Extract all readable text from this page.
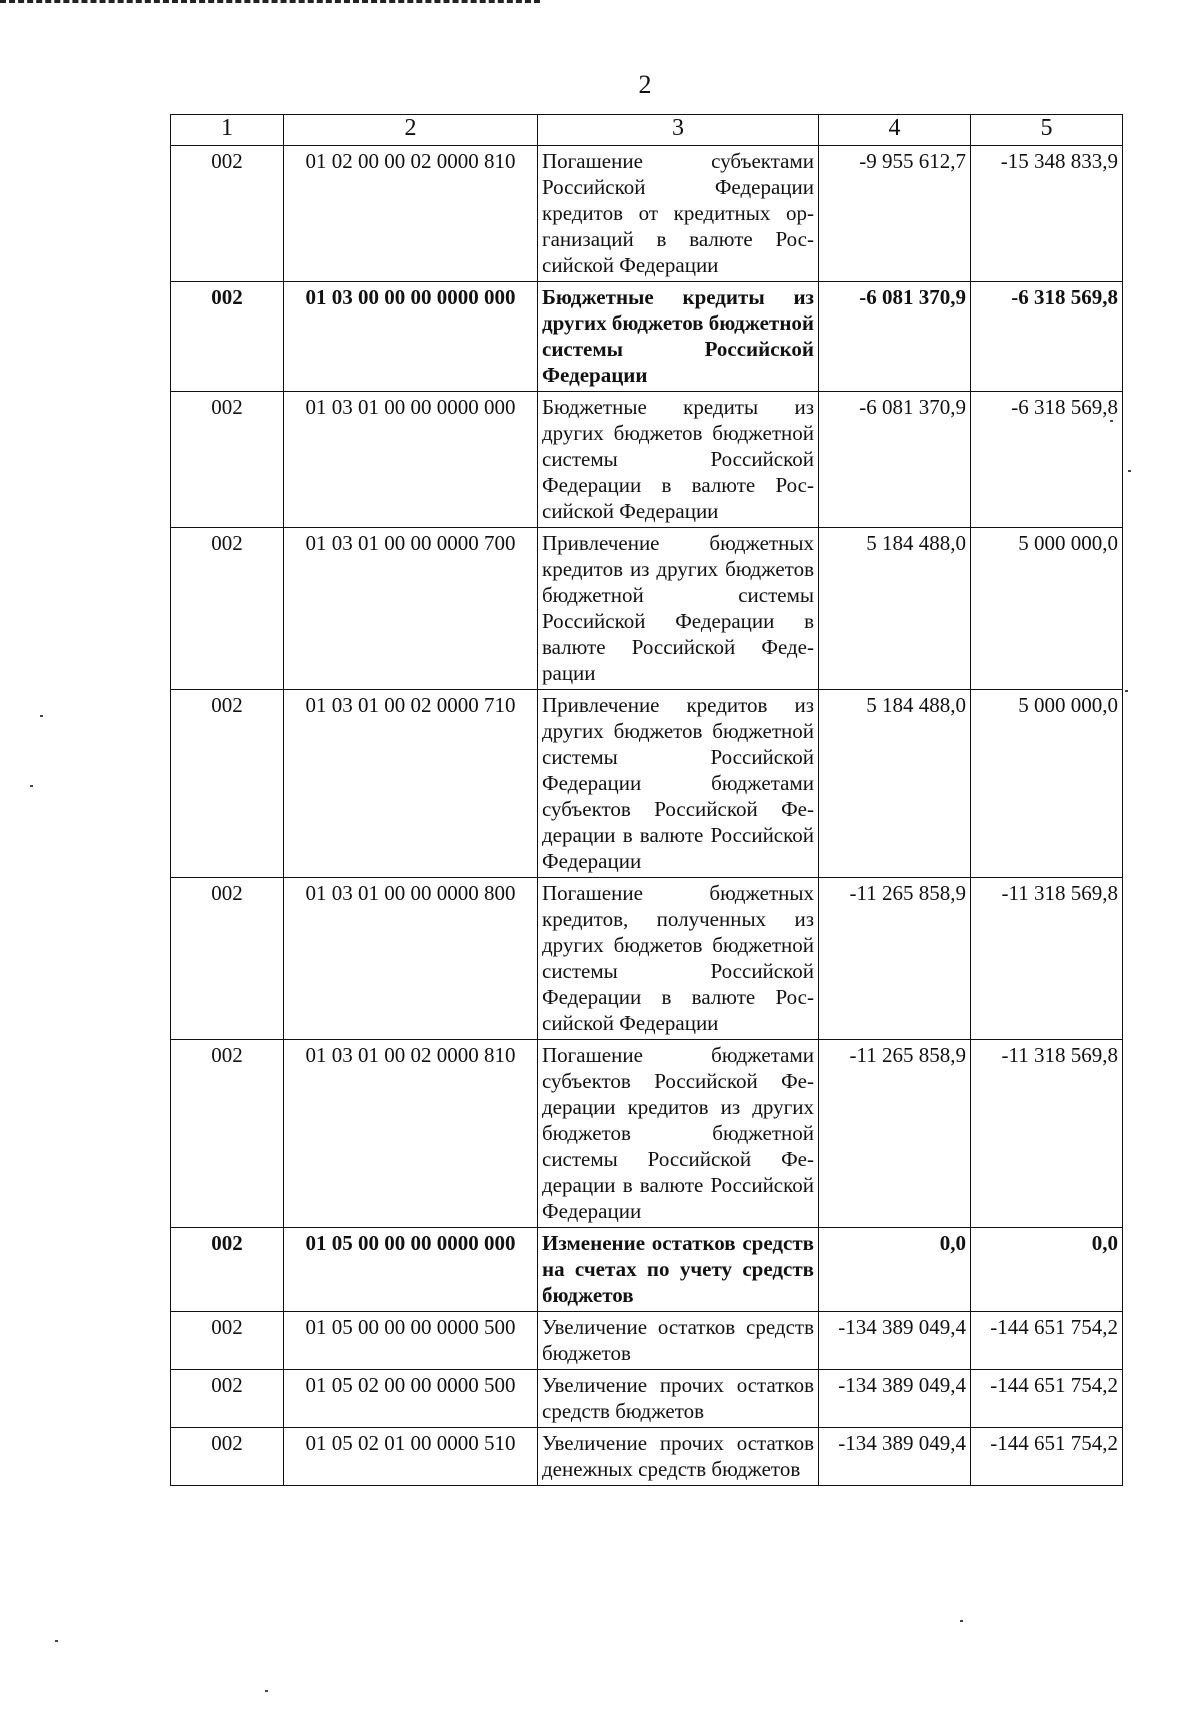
2
1	2	3	4	5
002	01 02 00 00 02 0000 810	Погашение субъектами Российской Федерации кредитов от кредитных организаций в валюте Российской Федерации	-9 955 612,7	-15 348 833,9
002	01 03 00 00 00 0000 000	Бюджетные кредиты из других бюджетов бюджетной системы Российской Федерации	-6 081 370,9	-6 318 569,8
002	01 03 01 00 00 0000 000	Бюджетные кредиты из других бюджетов бюджетной системы Российской Федерации в валюте Российской Федерации	-6 081 370,9	-6 318 569,8
002	01 03 01 00 00 0000 700	Привлечение бюджетных кредитов из других бюджетов бюджетной системы Российской Федерации в валюте Российской Федерации	5 184 488,0	5 000 000,0
002	01 03 01 00 02 0000 710	Привлечение кредитов из других бюджетов бюджетной системы Российской Федерации бюджетами субъектов Российской Федерации в валюте Российской Федерации	5 184 488,0	5 000 000,0
002	01 03 01 00 00 0000 800	Погашение бюджетных кредитов, полученных из других бюджетов бюджетной системы Российской Федерации в валюте Российской Федерации	-11 265 858,9	-11 318 569,8
002	01 03 01 00 02 0000 810	Погашение бюджетами субъектов Российской Федерации кредитов из других бюджетов бюджетной системы Российской Федерации в валюте Российской Федерации	-11 265 858,9	-11 318 569,8
002	01 05 00 00 00 0000 000	Изменение остатков средств на счетах по учету средств бюджетов	0,0	0,0
002	01 05 00 00 00 0000 500	Увеличение остатков средств бюджетов	-134 389 049,4	-144 651 754,2
002	01 05 02 00 00 0000 500	Увеличение прочих остатков средств бюджетов	-134 389 049,4	-144 651 754,2
002	01 05 02 01 00 0000 510	Увеличение прочих остатков денежных средств бюджетов	-134 389 049,4	-144 651 754,2
